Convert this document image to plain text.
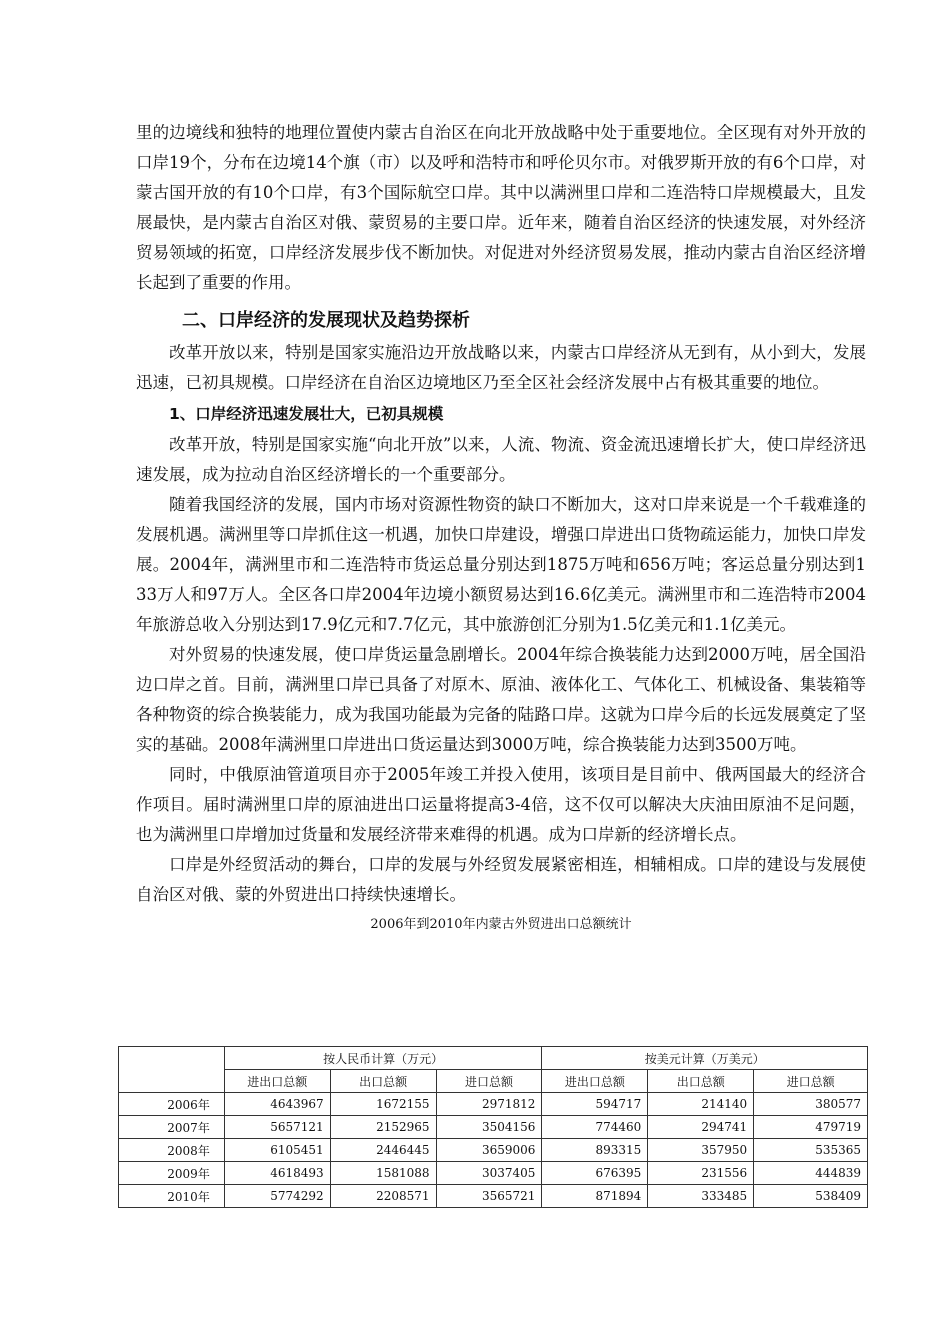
里的边境线和独特的地理位置使内蒙古自治区在向北开放战略中处于重要地位。全区现有对外开放的口岸19个，分布在边境14个旗（市）以及呼和浩特市和呼伦贝尔市。对俄罗斯开放的有6个口岸，对蒙古国开放的有10个口岸，有3个国际航空口岸。其中以满洲里口岸和二连浩特口岸规模最大，且发展最快，是内蒙古自治区对俄、蒙贸易的主要口岸。近年来，随着自治区经济的快速发展，对外经济贸易领域的拓宽，口岸经济发展步伐不断加快。对促进对外经济贸易发展，推动内蒙古自治区经济增长起到了重要的作用。

二、口岸经济的发展现状及趋势探析

改革开放以来，特别是国家实施沿边开放战略以来，内蒙古口岸经济从无到有，从小到大，发展迅速，已初具规模。口岸经济在自治区边境地区乃至全区社会经济发展中占有极其重要的地位。

1、口岸经济迅速发展壮大，已初具规模

改革开放，特别是国家实施“向北开放”以来，人流、物流、资金流迅速增长扩大，使口岸经济迅速发展，成为拉动自治区经济增长的一个重要部分。

随着我国经济的发展，国内市场对资源性物资的缺口不断加大，这对口岸来说是一个千载难逢的发展机遇。满洲里等口岸抓住这一机遇，加快口岸建设，增强口岸进出口货物疏运能力，加快口岸发展。2004年，满洲里市和二连浩特市货运总量分别达到1875万吨和656万吨；客运总量分别达到133万人和97万人。全区各口岸2004年边境小额贸易达到16.6亿美元。满洲里市和二连浩特市2004年旅游总收入分别达到17.9亿元和7.7亿元，其中旅游创汇分别为1.5亿美元和1.1亿美元。

对外贸易的快速发展，使口岸货运量急剧增长。2004年综合换装能力达到2000万吨，居全国沿边口岸之首。目前，满洲里口岸已具备了对原木、原油、液体化工、气体化工、机械设备、集装箱等各种物资的综合换装能力，成为我国功能最为完备的陆路口岸。这就为口岸今后的长远发展奠定了坚实的基础。2008年满洲里口岸进出口货运量达到3000万吨，综合换装能力达到3500万吨。

同时，中俄原油管道项目亦于2005年竣工并投入使用，该项目是目前中、俄两国最大的经济合作项目。届时满洲里口岸的原油进出口运量将提高3-4倍，这不仅可以解决大庆油田原油不足问题，也为满洲里口岸增加过货量和发展经济带来难得的机遇。成为口岸新的经济增长点。

口岸是外经贸活动的舞台，口岸的发展与外经贸发展紧密相连，相辅相成。口岸的建设与发展使自治区对俄、蒙的外贸进出口持续快速增长。

2006年到2010年内蒙古外贸进出口总额统计

	按人民币计算（万元）			按美元计算（万美元）		
	进出口总额	出口总额	进口总额	进出口总额	出口总额	进口总额
2006年	4643967	1672155	2971812	594717	214140	380577
2007年	5657121	2152965	3504156	774460	294741	479719
2008年	6105451	2446445	3659006	893315	357950	535365
2009年	4618493	1581088	3037405	676395	231556	444839
2010年	5774292	2208571	3565721	871894	333485	538409
